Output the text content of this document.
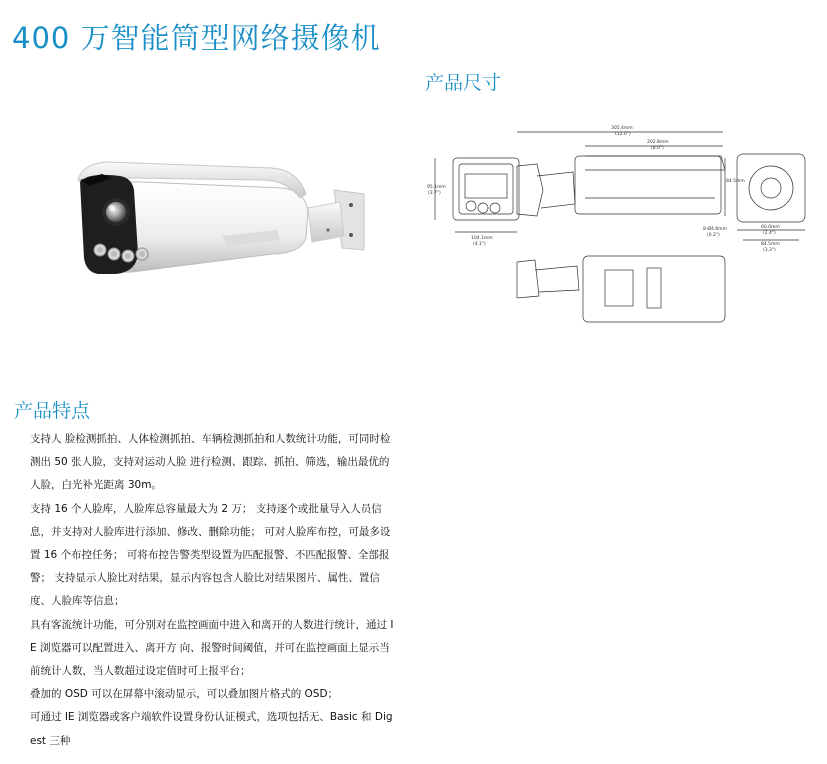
400 万智能筒型网络摄像机
产品尺寸
95.1mm
(3.7")
104.1mm
(4.1")
305.4mm
(12.0")
202.8mm
(8.0")
84.5mm
60.0mm
(2.4")
84.5mm
(3.3")
8-Ø4.6mm
(0.2")
产品特点

支持人 脸检测抓拍、人体检测抓拍、车辆检测抓拍和人数统计功能，可同时检测出 50 张人脸，支持对运动人脸 进行检测、跟踪、抓拍、筛选，输出最优的人脸，白光补光距离 30m。

支持 16 个人脸库，人脸库总容量最大为 2 万； 支持逐个或批量导入人员信息，并支持对人脸库进行添加、修改、删除功能； 可对人脸库布控，可最多设置 16 个布控任务； 可将布控告警类型设置为匹配报警、不匹配报警、全部报警； 支持显示人脸比对结果，显示内容包含人脸比对结果图片、属性、置信度、人脸库等信息；

具有客流统计功能，可分别对在监控画面中进入和离开的人数进行统计，通过 IE 浏览器可以配置进入、离开方 向、报警时间阈值，并可在监控画面上显示当前统计人数，当人数超过设定值时可上报平台；

叠加的 OSD 可以在屏幕中滚动显示，可以叠加图片格式的 OSD；

可通过 IE 浏览器或客户端软件设置身份认证模式，选项包括无、Basic 和 Digest 三种
